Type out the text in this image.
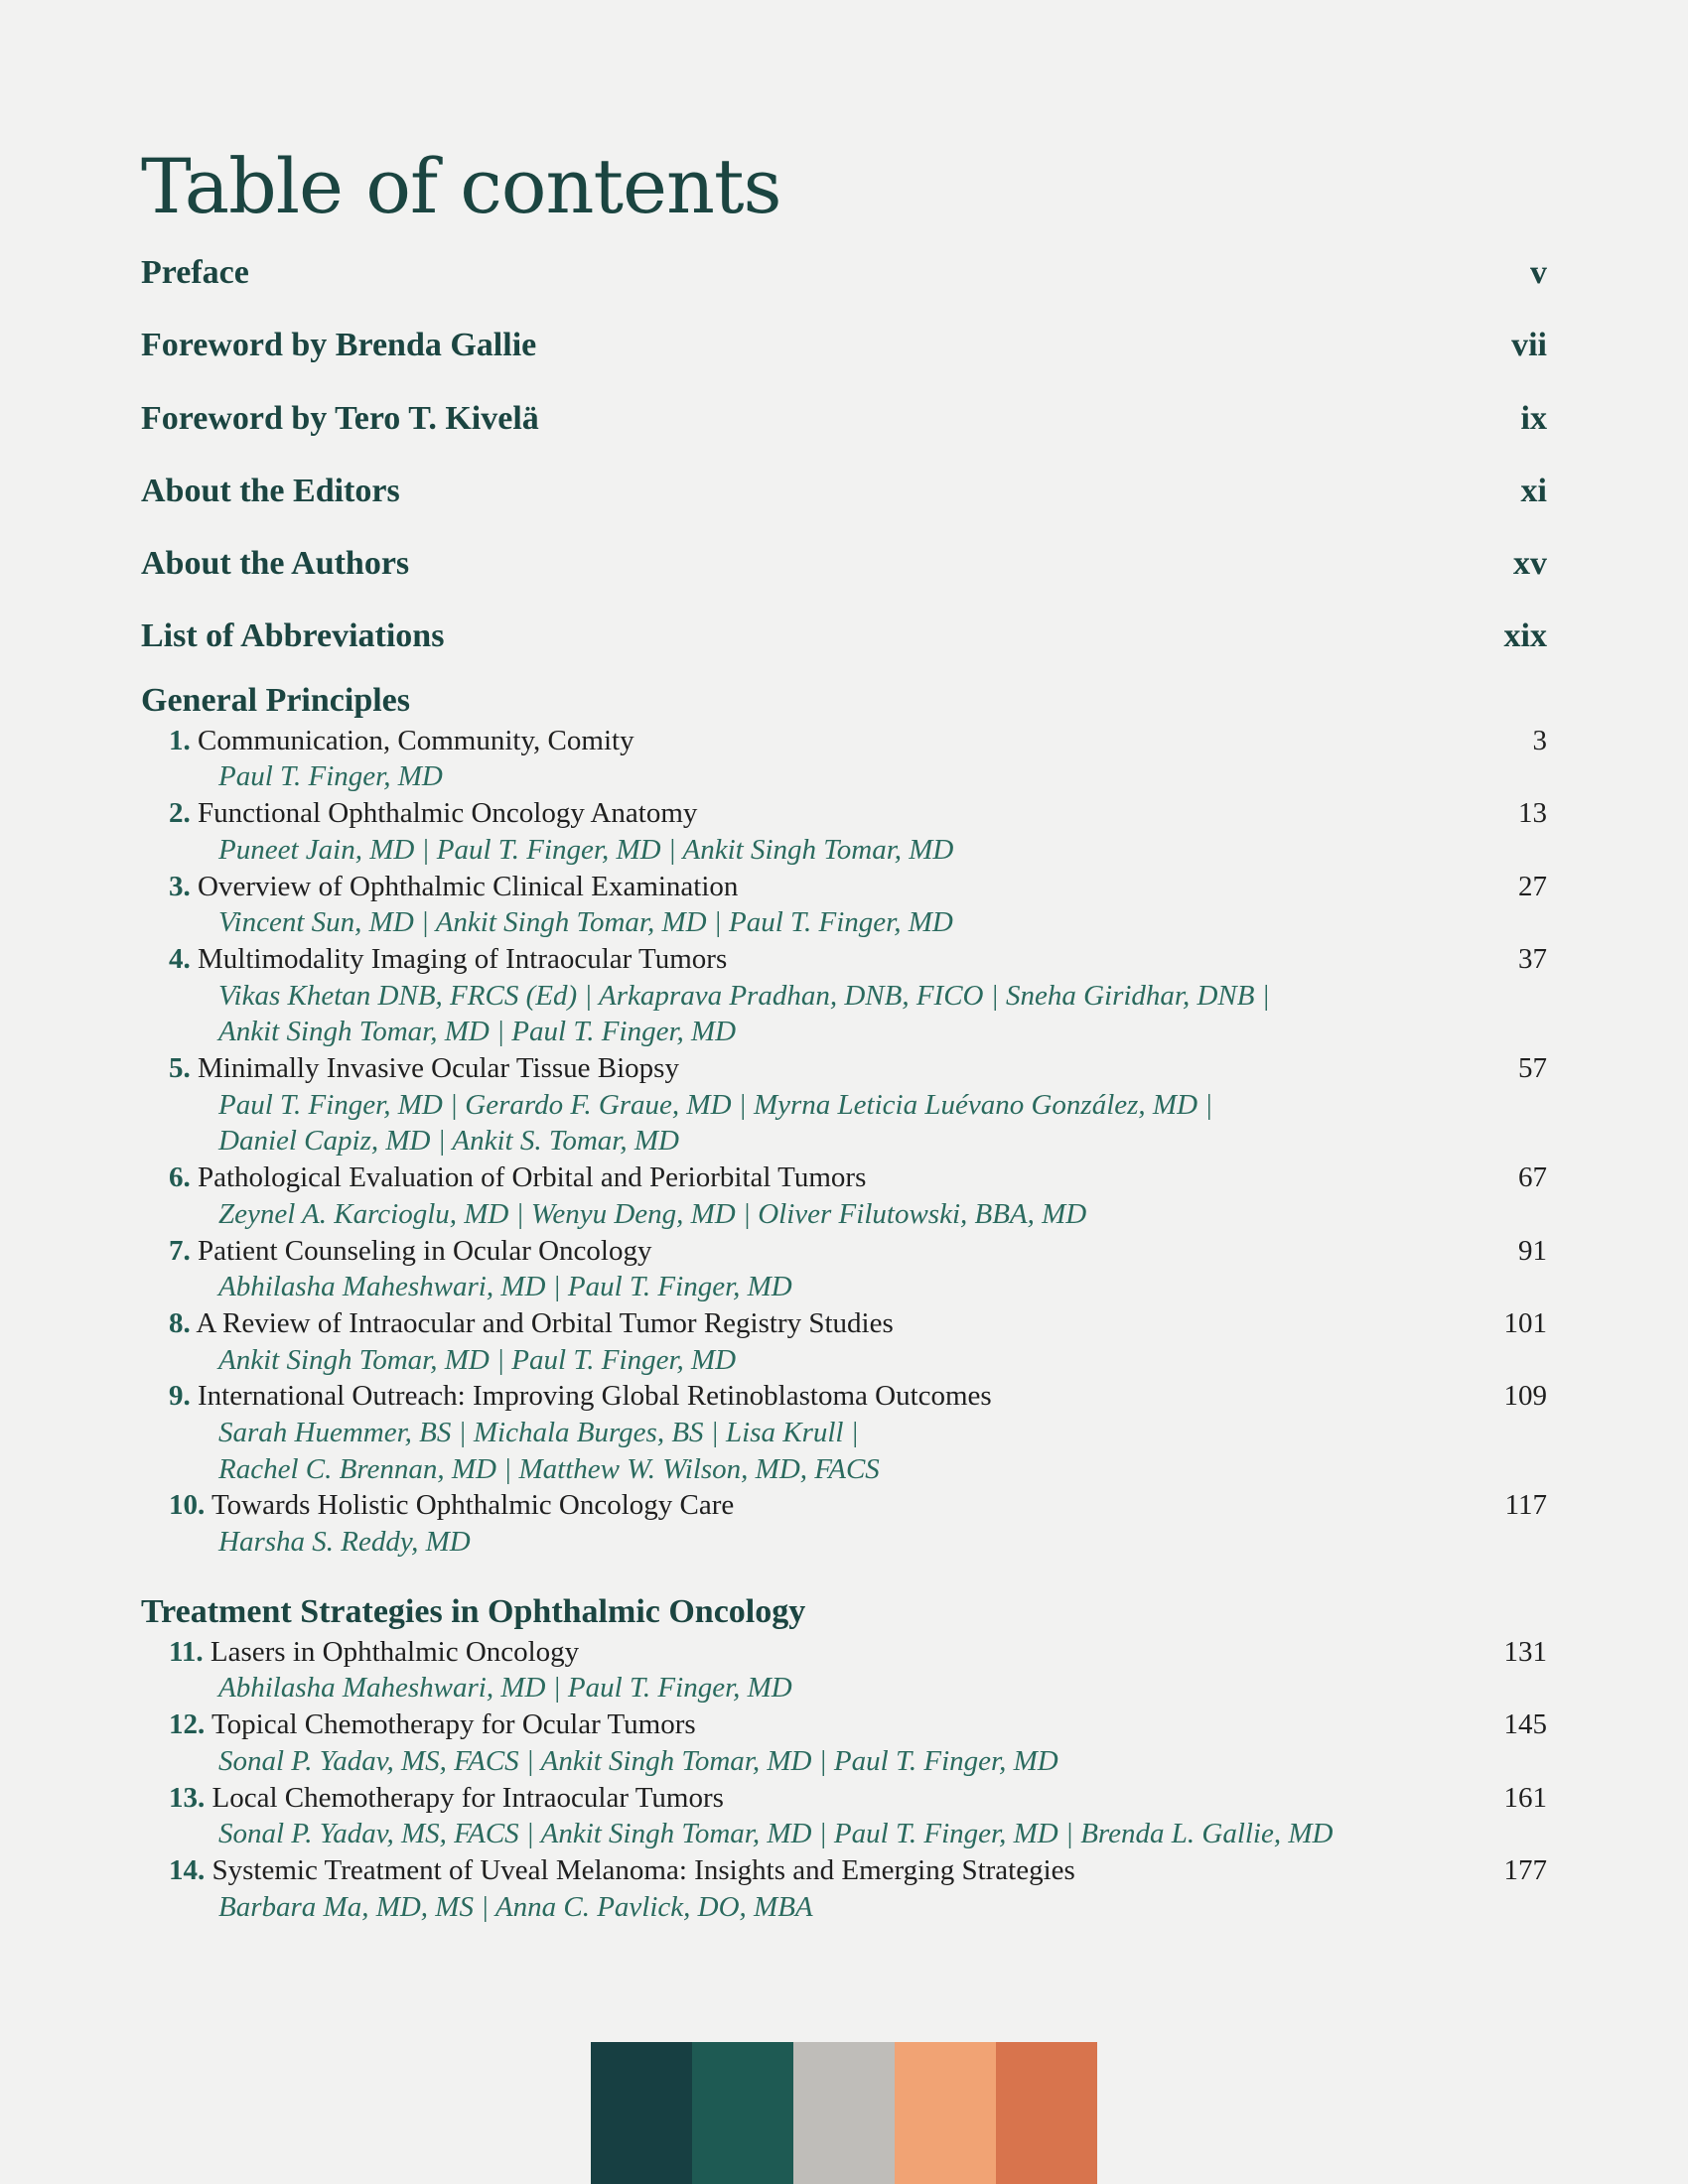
Table of contents
Preface	v
Foreword by Brenda Gallie	vii
Foreword by Tero T. Kivelä	ix
About the Editors	xi
About the Authors	xv
List of Abbreviations	xix
General Principles
1. Communication, Community, Comity	3
Paul T. Finger, MD
2. Functional Ophthalmic Oncology Anatomy	13
Puneet Jain, MD | Paul T. Finger, MD | Ankit Singh Tomar, MD
3. Overview of Ophthalmic Clinical Examination	27
Vincent Sun, MD | Ankit Singh Tomar, MD | Paul T. Finger, MD
4. Multimodality Imaging of Intraocular Tumors	37
Vikas Khetan DNB, FRCS (Ed) | Arkaprava Pradhan, DNB, FICO | Sneha Giridhar, DNB |
Ankit Singh Tomar, MD | Paul T. Finger, MD
5. Minimally Invasive Ocular Tissue Biopsy	57
Paul T. Finger, MD | Gerardo F. Graue, MD | Myrna Leticia Luévano González, MD |
Daniel Capiz, MD | Ankit S. Tomar, MD
6. Pathological Evaluation of Orbital and Periorbital Tumors	67
Zeynel A. Karcioglu, MD | Wenyu Deng, MD | Oliver Filutowski, BBA, MD
7. Patient Counseling in Ocular Oncology	91
Abhilasha Maheshwari, MD | Paul T. Finger, MD
8. A Review of Intraocular and Orbital Tumor Registry Studies	101
Ankit Singh Tomar, MD | Paul T. Finger, MD
9. International Outreach: Improving Global Retinoblastoma Outcomes	109
Sarah Huemmer, BS | Michala Burges, BS | Lisa Krull |
Rachel C. Brennan, MD | Matthew W. Wilson, MD, FACS
10. Towards Holistic Ophthalmic Oncology Care	117
Harsha S. Reddy, MD
Treatment Strategies in Ophthalmic Oncology
11. Lasers in Ophthalmic Oncology	131
Abhilasha Maheshwari, MD | Paul T. Finger, MD
12. Topical Chemotherapy for Ocular Tumors	145
Sonal P. Yadav, MS, FACS | Ankit Singh Tomar, MD | Paul T. Finger, MD
13. Local Chemotherapy for Intraocular Tumors	161
Sonal P. Yadav, MS, FACS | Ankit Singh Tomar, MD | Paul T. Finger, MD | Brenda L. Gallie, MD
14. Systemic Treatment of Uveal Melanoma: Insights and Emerging Strategies	177
Barbara Ma, MD, MS | Anna C. Pavlick, DO, MBA
